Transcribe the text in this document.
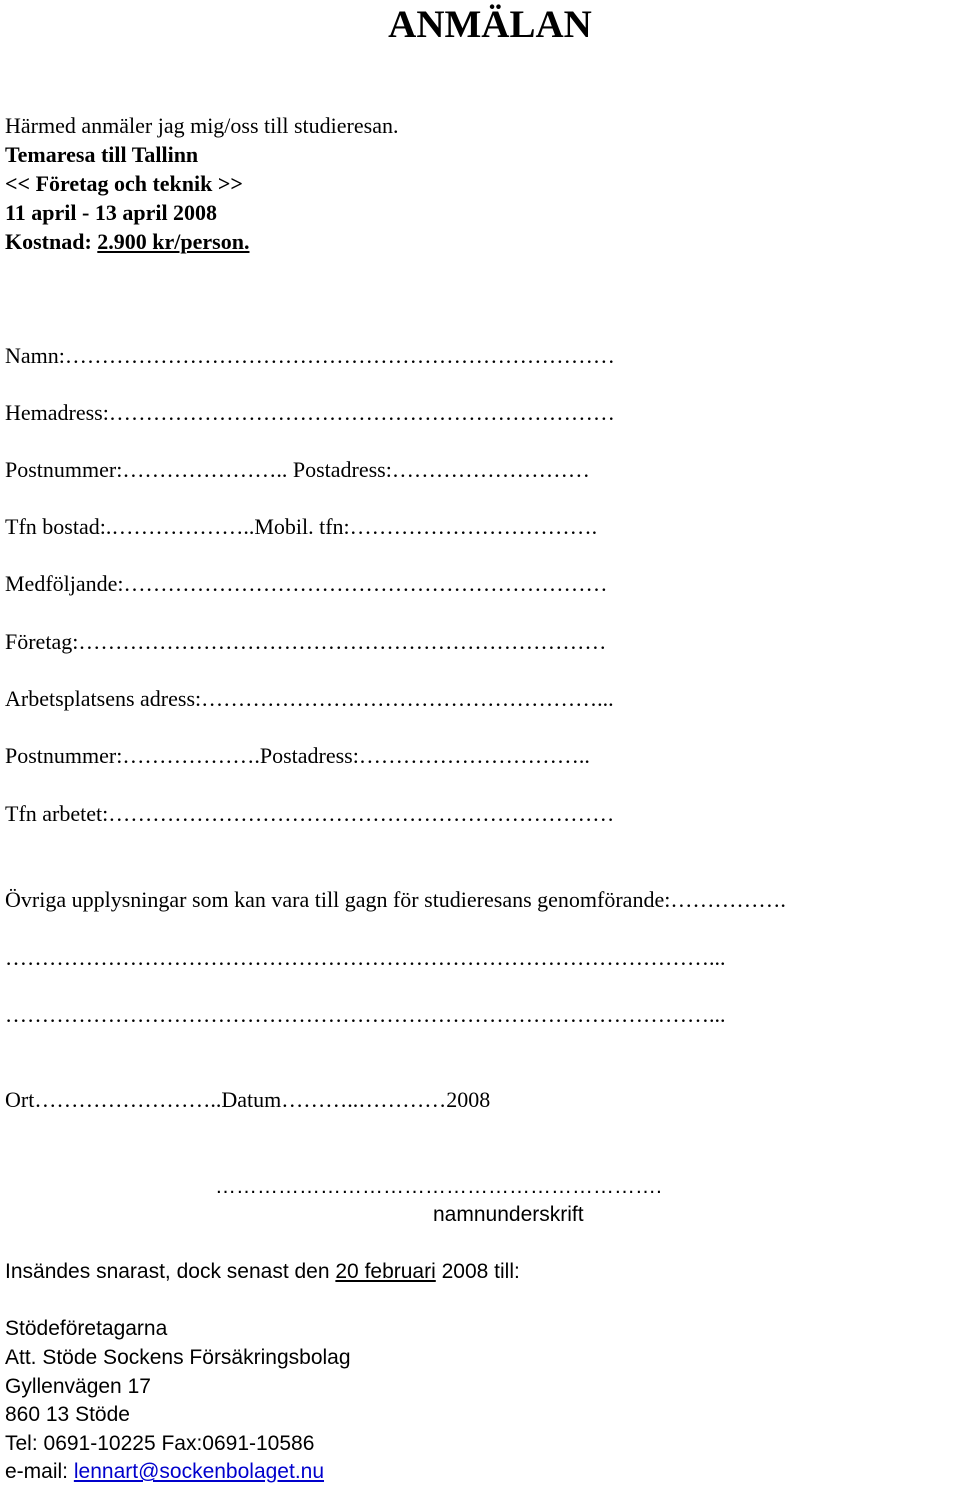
ANMÄLAN
Härmed anmäler jag mig/oss till studieresan.
Temaresa till Tallinn
<< Företag och teknik >>
11 april - 13 april 2008
Kostnad: 2.900 kr/person.
Namn:…………………………………………………………………
Hemadress:……………………………………………………………
Postnummer:………………….. Postadress:………………………
Tfn bostad:.………………..Mobil. tfn:…………………………….
Medföljande:…………………………………………………………
Företag:………………………………………………………………
Arbetsplatsens adress:………………………………………………...
Postnummer:……………….Postadress:…………………………..
Tfn arbetet:……………………………………………………………
Övriga upplysningar som kan vara till gagn för studieresans genomförande:…………….
……………………………………………………………………………………...
……………………………………………………………………………………...
Ort……………………..Datum………..…………2008
……………………………………………………….
namnunderskrift
Insändes snarast, dock senast den 20 februari 2008 till:
Stödeföretagarna
Att. Stöde Sockens Försäkringsbolag
Gyllenvägen 17
860 13 Stöde
Tel: 0691-10225 Fax:0691-10586
e-mail: lennart@sockenbolaget.nu
